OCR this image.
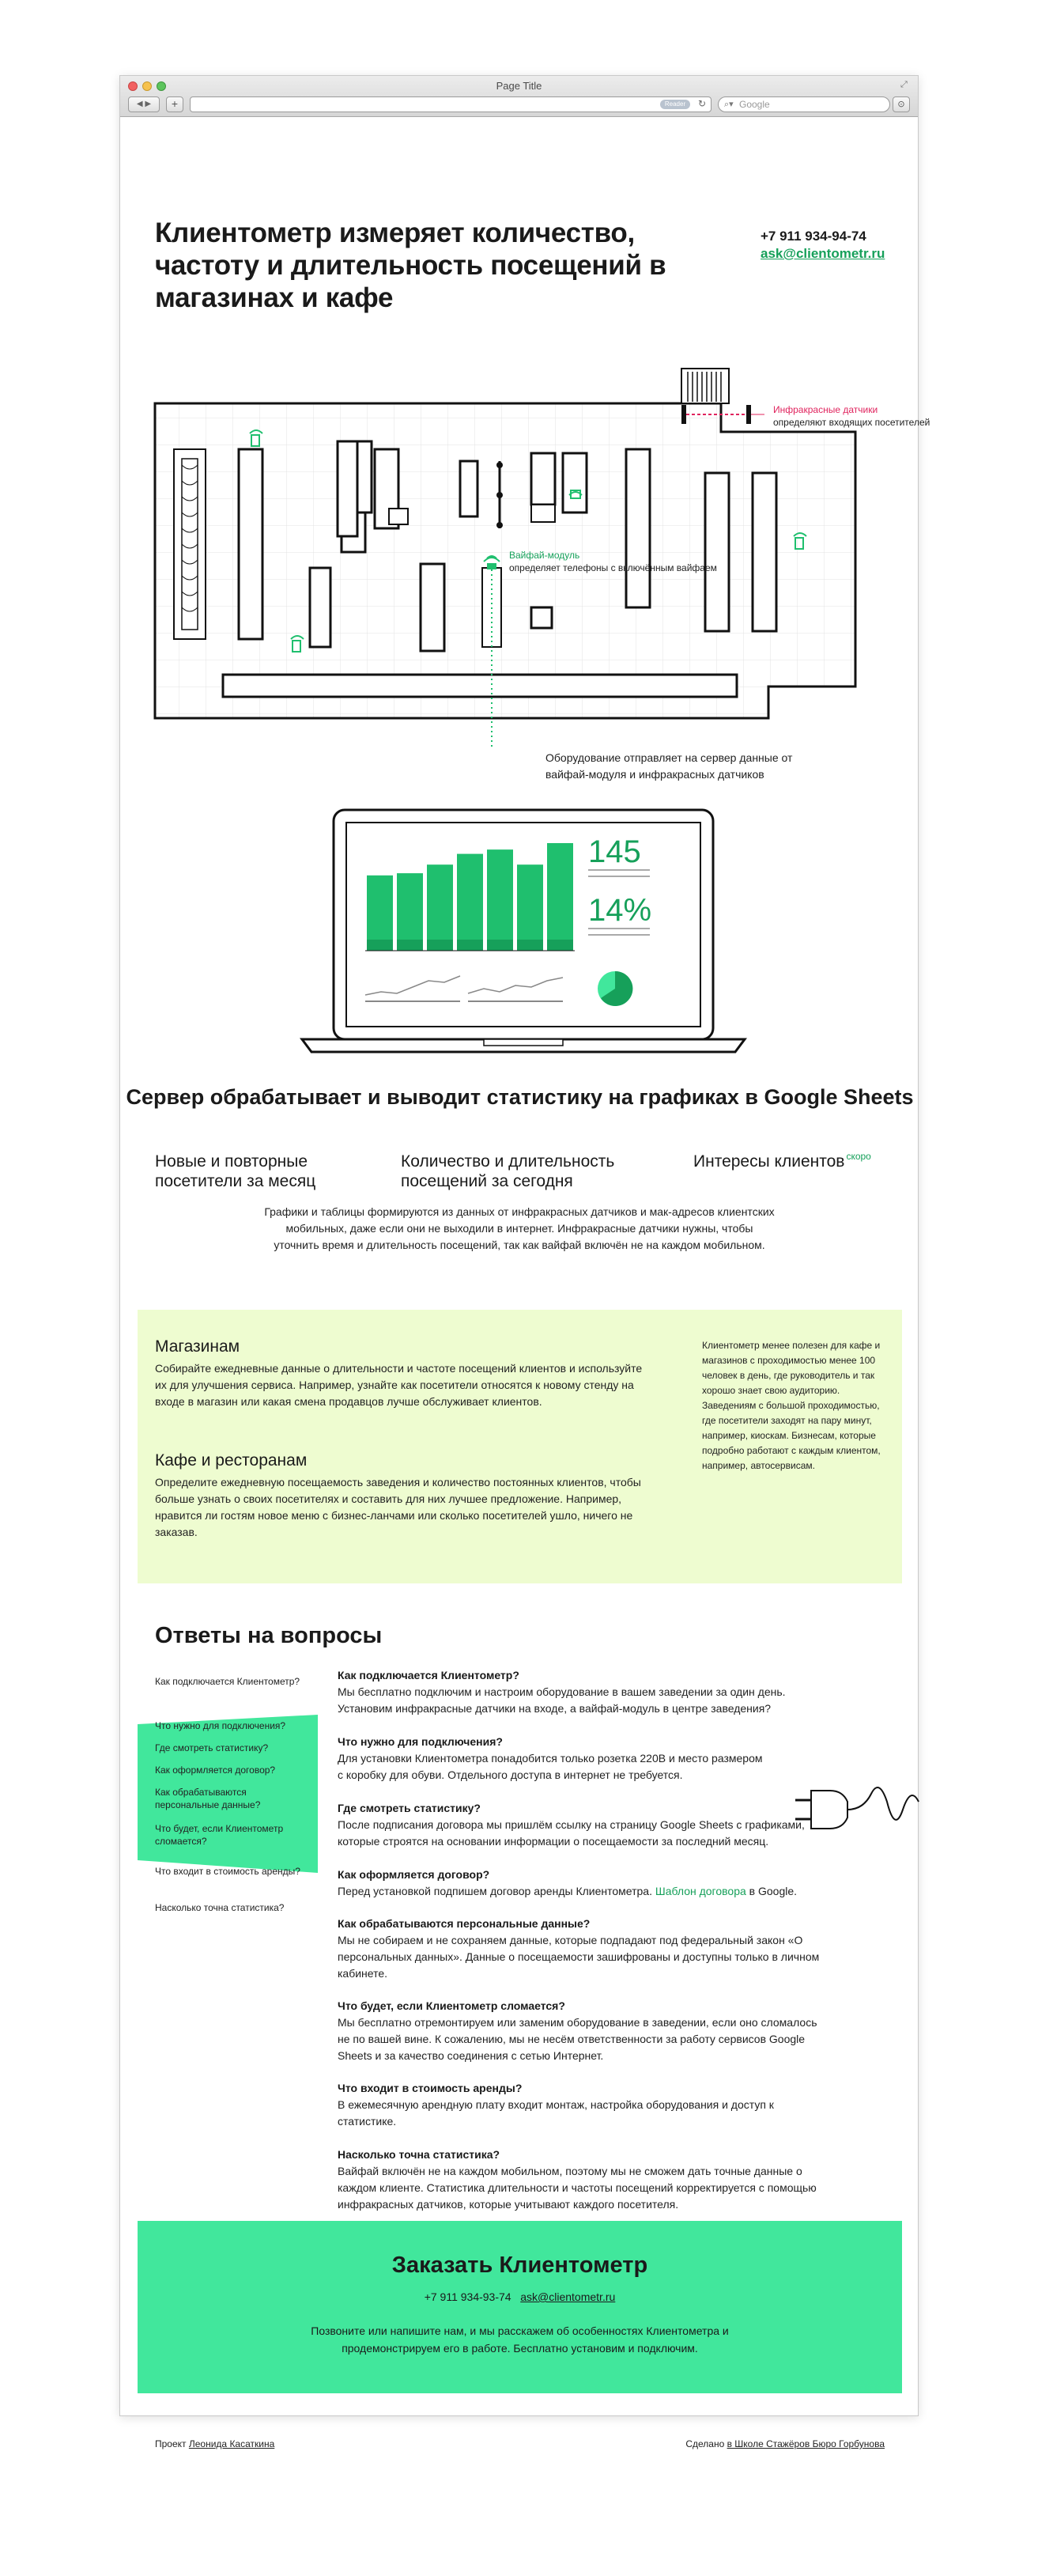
Page Title	⤢
◀ ▶	+	Reader	↻ ⌕▾ Google	⊙
Клиентометр измеряет количество, частоту и длительность посещений в магазинах и кафе
+7 911 934-94-74
ask@clientometr.ru
Инфракрасные датчики
определяют входящих посетителей
Вайфай-модуль
определяет телефоны с включённым вайфаем
Оборудование отправляет на сервер данные от вайфай-модуля и инфракрасных датчиков
145
14%
Сервер обрабатывает и выводит статистику на графиках в Google Sheets
Новые и повторные посетители за месяц
Количество и длительность посещений за сегодня
Интересы клиентов $^{скоро}$

Графики и таблицы формируются из данных от инфракрасных датчиков и мак-адресов клиентских мобильных, даже если они не выходили в интернет. Инфракрасные датчики нужны, чтобы уточнить время и длительность посещений, так как вайфай включён не на каждом мобильном.

Магазинам

Собирайте ежедневные данные о длительности и частоте посещений клиентов и используйте их для улучшения сервиса. Например, узнайте как посетители относятся к новому стенду на входе в магазин или какая смена продавцов лучше обслуживает клиентов.

Кафе и ресторанам

Определите ежедневную посещаемость заведения и количество постоянных клиентов, чтобы больше узнать о своих посетителях и составить для них лучшее предложение. Например, нравится ли гостям новое меню с бизнес-ланчами или сколько посетителей ушло, ничего не заказав.

Клиентометр менее полезен для кафе и магазинов с проходимостью менее 100 человек в день, где руководитель и так хорошо знает свою аудиторию. Заведениям с большой проходимостью, где посетители заходят на пару минут, например, киоскам. Бизнесам, которые подробно работают с каждым клиентом, например, автосервисам.

Ответы на вопросы
Как подключается Клиентометр?
Что нужно для подключения?
Где смотреть статистику?
Как оформляется договор?
Как обрабатываются персональные данные?
Что будет, если Клиентометр сломается?
Что входит в стоимость аренды?
Насколько точна статистика?
Как подключается Клиентометр?
Мы бесплатно подключим и настроим оборудование в вашем заведении за один день. Установим инфракрасные датчики на входе, а вайфай-модуль в центре заведения?
Что нужно для подключения?
Для установки Клиентометра понадобится только розетка 220В и место размером с коробку для обуви. Отдельного доступа в интернет не требуется.
Где смотреть статистику?
После подписания договора мы пришлём ссылку на страницу Google Sheets с графиками, которые строятся на основании информации о посещаемости за последний месяц.
Как оформляется договор?
Перед установкой подпишем договор аренды Клиентометра. Шаблон договора в Google.
Как обрабатываются персональные данные?
Мы не собираем и не сохраняем данные, которые подпадают под федеральный закон «О персональных данных». Данные о посещаемости зашифрованы и доступны только в личном кабинете.
Что будет, если Клиентометр сломается?
Мы бесплатно отремонтируем или заменим оборудование в заведении, если оно сломалось не по вашей вине. К сожалению, мы не несём ответственности за работу сервисов Google Sheets и за качество соединения с сетью Интернет.
Что входит в стоимость аренды?
В ежемесячную арендную плату входит монтаж, настройка оборудования и доступ к статистике.
Насколько точна статистика?
Вайфай включён не на каждом мобильном, поэтому мы не сможем дать точные данные о каждом клиенте. Статистика длительности и частоты посещений корректируется с помощью инфракрасных датчиков, которые учитывают каждого посетителя.
Заказать Клиентометр
+7 911 934-93-74 ask@clientometr.ru

Позвоните или напишите нам, и мы расскажем об особенностях Клиентометра и продемонстрируем его в работе. Бесплатно установим и подключим.

Проект Леонида Касаткина	Сделано в Школе Стажёров Бюро Горбунова
